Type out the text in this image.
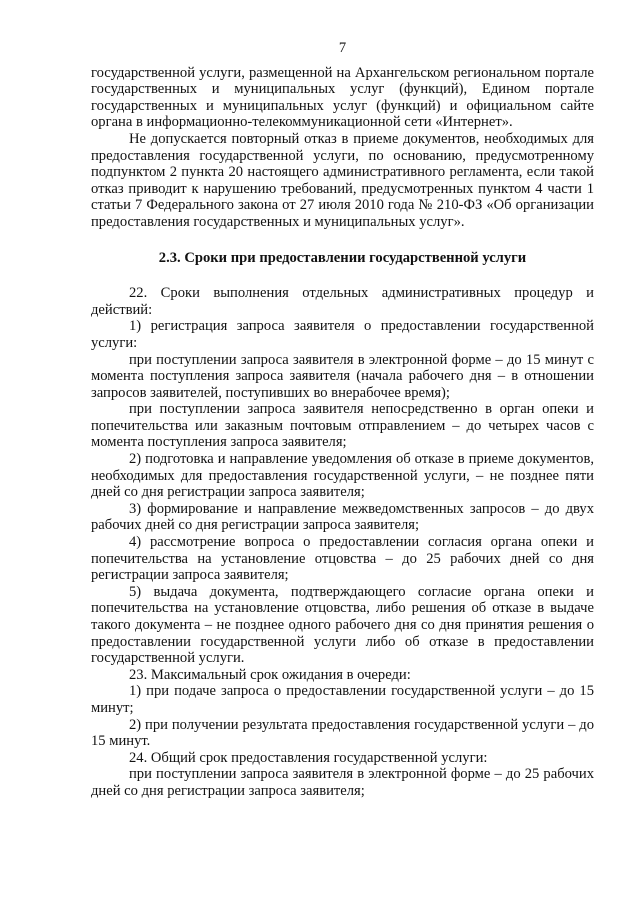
7

государственной услуги, размещенной на Архангельском региональном портале государственных и муниципальных услуг (функций), Едином портале государственных и муниципальных услуг (функций) и официальном сайте органа в информационно-телекоммуникационной сети «Интернет».

Не допускается повторный отказ в приеме документов, необходимых для предоставления государственной услуги, по основанию, предусмотренному подпунктом 2 пункта 20 настоящего административного регламента, если такой отказ приводит к нарушению требований, предусмотренных пунктом 4 части 1 статьи 7 Федерального закона от 27 июля 2010 года № 210-ФЗ «Об организации предоставления государственных и муниципальных услуг».

2.3. Сроки при предоставлении государственной услуги

22. Сроки выполнения отдельных административных процедур и действий:

1) регистрация запроса заявителя о предоставлении государственной услуги:

при поступлении запроса заявителя в электронной форме – до 15 минут с момента поступления запроса заявителя (начала рабочего дня – в отношении запросов заявителей, поступивших во внерабочее время);

при поступлении запроса заявителя непосредственно в орган опеки и попечительства или заказным почтовым отправлением – до четырех часов с момента поступления запроса заявителя;

2) подготовка и направление уведомления об отказе в приеме документов, необходимых для предоставления государственной услуги, – не позднее пяти дней со дня регистрации запроса заявителя;

3) формирование и направление межведомственных запросов – до двух рабочих дней со дня регистрации запроса заявителя;

4) рассмотрение вопроса о предоставлении согласия органа опеки и попечительства на установление отцовства – до 25 рабочих дней со дня регистрации запроса заявителя;

5) выдача документа, подтверждающего согласие органа опеки и попечительства на установление отцовства, либо решения об отказе в выдаче такого документа – не позднее одного рабочего дня со дня принятия решения о предоставлении государственной услуги либо об отказе в предоставлении государственной услуги.

23. Максимальный срок ожидания в очереди:

1) при подаче запроса о предоставлении государственной услуги – до 15 минут;

2) при получении результата предоставления государственной услуги – до 15 минут.

24. Общий срок предоставления государственной услуги:

при поступлении запроса заявителя в электронной форме – до 25 рабочих дней со дня регистрации запроса заявителя;
